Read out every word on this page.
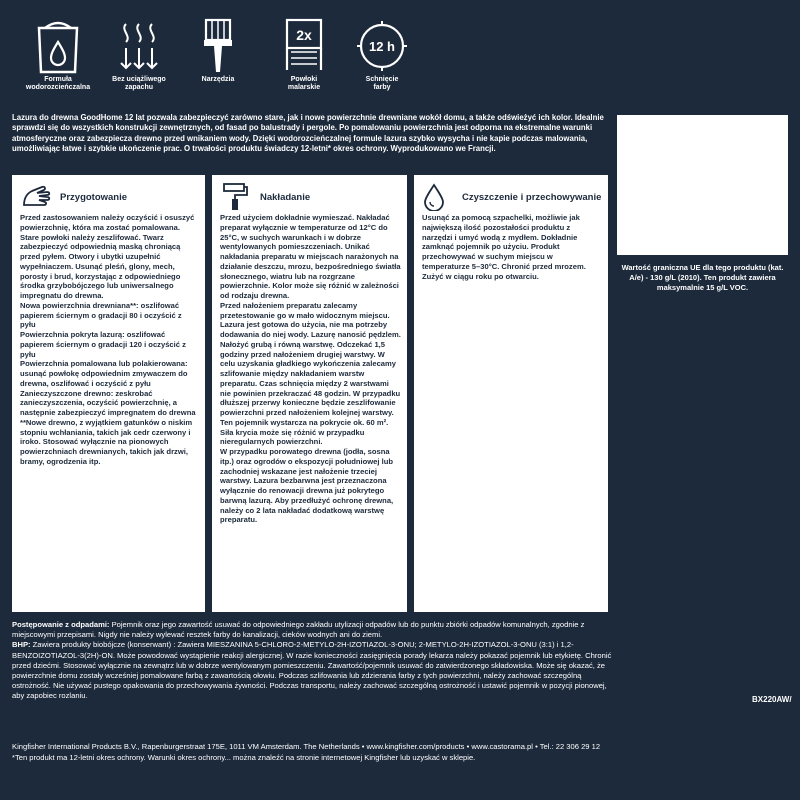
Formuła
wodorozcieńczalna
Bez uciążliwego
zapachu
Narzędzia
2x
Powłoki
malarskie
12 h
Schnięcie
farby
Lazura do drewna GoodHome 12 lat pozwala zabezpieczyć zarówno stare, jak i nowe powierzchnie drewniane wokół domu, a także odświeżyć ich kolor. Idealnie sprawdzi się do wszystkich konstrukcji zewnętrznych, od fasad po balustrady i pergole. Po pomalowaniu powierzchnia jest odporna na ekstremalne warunki atmosferyczne oraz zabezpiecza drewno przed wnikaniem wody. Dzięki wodorozcieńczalnej formule lazura szybko wysycha i nie kapie podczas malowania, umożliwiając łatwe i szybkie ukończenie prac. O trwałości produktu świadczy 12-letni* okres ochrony. Wyprodukowano we Francji.
Przygotowanie

Przed zastosowaniem należy oczyścić i osuszyć powierzchnię, która ma zostać pomalowana. Stare powłoki należy zeszlifować. Twarz zabezpieczyć odpowiednią maską chroniącą przed pyłem. Otwory i ubytki uzupełnić wypełniaczem. Usunąć pleśń, glony, mech, porosty i brud, korzystając z odpowiedniego środka grzybobójczego lub uniwersalnego impregnatu do drewna.

Nowa powierzchnia drewniana**: oszlifować papierem ściernym o gradacji 80 i oczyścić z pyłu

Powierzchnia pokryta lazurą: oszlifować papierem ściernym o gradacji 120 i oczyścić z pyłu

Powierzchnia pomalowana lub polakierowana: usunąć powłokę odpowiednim zmywaczem do drewna, oszlifować i oczyścić z pyłu

Zanieczyszczone drewno: zeskrobać zanieczyszczenia, oczyścić powierzchnię, a następnie zabezpieczyć impregnatem do drewna

**Nowe drewno, z wyjątkiem gatunków o niskim stopniu wchłaniania, takich jak cedr czerwony i iroko. Stosować wyłącznie na pionowych powierzchniach drewnianych, takich jak drzwi, bramy, ogrodzenia itp.

Nakładanie

Przed użyciem dokładnie wymieszać. Nakładać preparat wyłącznie w temperaturze od 12°C do 25°C, w suchych warunkach i w dobrze wentylowanych pomieszczeniach. Unikać nakładania preparatu w miejscach narażonych na działanie deszczu, mrozu, bezpośredniego światła słonecznego, wiatru lub na rozgrzane powierzchnie. Kolor może się różnić w zależności od rodzaju drewna.

Przed nałożeniem preparatu zalecamy przetestowanie go w mało widocznym miejscu. Lazura jest gotowa do użycia, nie ma potrzeby dodawania do niej wody. Lazurę nanosić pędzlem. Nałożyć grubą i równą warstwę. Odczekać 1,5 godziny przed nałożeniem drugiej warstwy. W celu uzyskania gładkiego wykończenia zalecamy szlifowanie między nakładaniem warstw preparatu. Czas schnięcia między 2 warstwami nie powinien przekraczać 48 godzin. W przypadku dłuższej przerwy konieczne będzie zeszlifowanie powierzchni przed nałożeniem kolejnej warstwy. Ten pojemnik wystarcza na pokrycie ok. 60 m². Siła krycia może się różnić w przypadku nieregularnych powierzchni.

W przypadku porowatego drewna (jodła, sosna itp.) oraz ogrodów o ekspozycji południowej lub zachodniej wskazane jest nałożenie trzeciej warstwy. Lazura bezbarwna jest przeznaczona wyłącznie do renowacji drewna już pokrytego barwną lazurą. Aby przedłużyć ochronę drewna, należy co 2 lata nakładać dodatkową warstwę preparatu.

Czyszczenie i przechowywanie

Usunąć za pomocą szpachelki, możliwie jak największą ilość pozostałości produktu z narzędzi i umyć wodą z mydłem. Dokładnie zamknąć pojemnik po użyciu. Produkt przechowywać w suchym miejscu w temperaturze 5–30°C. Chronić przed mrozem. Zużyć w ciągu roku po otwarciu.

Wartość graniczna UE dla tego produktu (kat. A/e) - 130 g/L (2010). Ten produkt zawiera maksymalnie 15 g/L VOC.
BX220AW/
Postępowanie z odpadami: Pojemnik oraz jego zawartość usuwać do odpowiedniego zakładu utylizacji odpadów lub do punktu zbiórki odpadów komunalnych, zgodnie z miejscowymi przepisami. Nigdy nie należy wylewać resztek farby do kanalizacji, cieków wodnych ani do ziemi.
BHP: Zawiera produkty biobójcze (konserwant) : Zawiera MIESZANINA 5-CHLORO-2-METYLO-2H-IZOTIAZOL-3-ONU; 2-METYLO-2H-IZOTIAZOL-3-ONU (3:1) i 1,2-BENZOIZOTIAZOL-3(2H)-ON. Może powodować wystąpienie reakcji alergicznej. W razie konieczności zasięgnięcia porady lekarza należy pokazać pojemnik lub etykietę. Chronić przed dziećmi. Stosować wyłącznie na zewnątrz lub w dobrze wentylowanym pomieszczeniu. Zawartość/pojemnik usuwać do zatwierdzonego składowiska. Może się okazać, że powierzchnie domu zostały wcześniej pomalowane farbą z zawartością ołowiu. Podczas szlifowania lub zdzierania farby z tych powierzchni, należy zachować szczególną ostrożność. Nie używać pustego opakowania do przechowywania żywności. Podczas transportu, należy zachować szczególną ostrożność i ustawić pojemnik w pozycji pionowej, aby zapobiec rozlaniu.
Kingfisher International Products B.V., Rapenburgerstraat 175E, 1011 VM Amsterdam. The Netherlands • www.kingfisher.com/products • www.castorama.pl • Tel.: 22 306 29 12
*Ten produkt ma 12-letni okres ochrony. Warunki okres ochrony... można znaleźć na stronie internetowej Kingfisher lub uzyskać w sklepie.
